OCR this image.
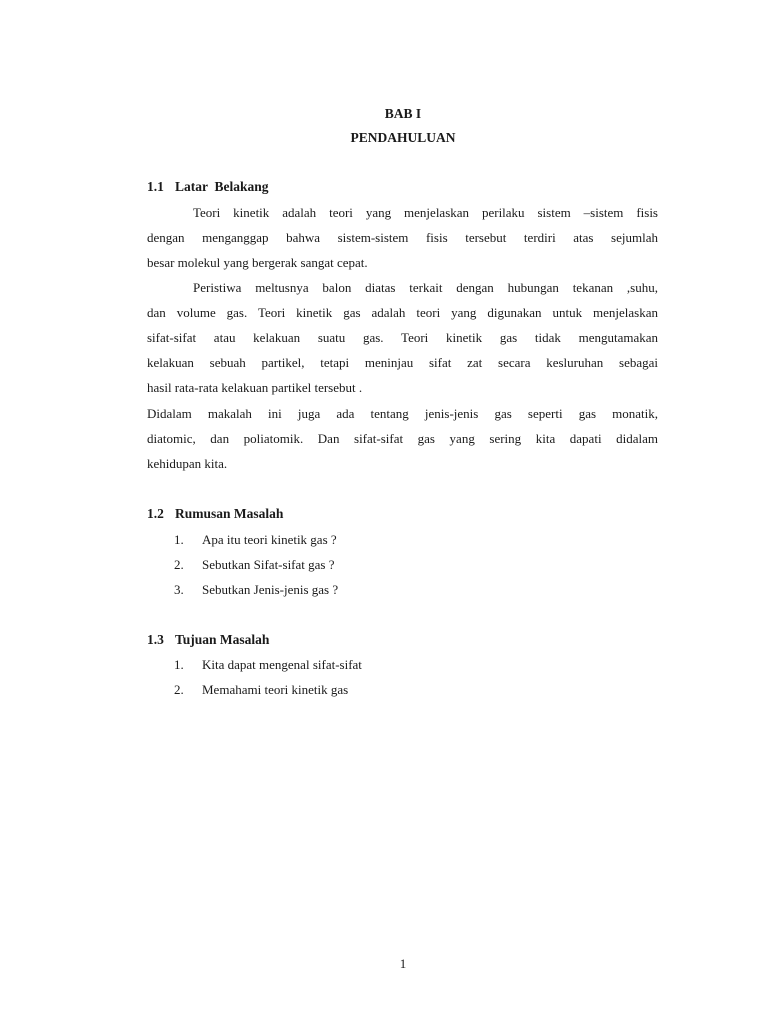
BAB I
PENDAHULUAN
1.1 Latar  Belakang
Teori kinetik adalah teori yang menjelaskan perilaku sistem –sistem fisis
dengan menganggap bahwa sistem-sistem fisis tersebut terdiri atas sejumlah
besar molekul yang bergerak sangat cepat.
Peristiwa meltusnya balon diatas terkait dengan hubungan tekanan ,suhu,
dan volume gas. Teori kinetik gas adalah teori yang digunakan untuk menjelaskan
sifat-sifat atau kelakuan suatu gas. Teori kinetik gas tidak mengutamakan
kelakuan sebuah partikel, tetapi meninjau sifat zat secara kesluruhan sebagai
hasil rata-rata kelakuan partikel tersebut .
Didalam makalah ini juga ada tentang jenis-jenis gas seperti gas monatik,
diatomic, dan poliatomik. Dan sifat-sifat gas yang sering kita dapati didalam
kehidupan kita.
1.2 Rumusan Masalah
1. Apa itu teori kinetik gas ?
2. Sebutkan Sifat-sifat gas ?
3. Sebutkan Jenis-jenis gas ?
1.3 Tujuan Masalah
1. Kita dapat mengenal sifat-sifat
2. Memahami teori kinetik gas
1
